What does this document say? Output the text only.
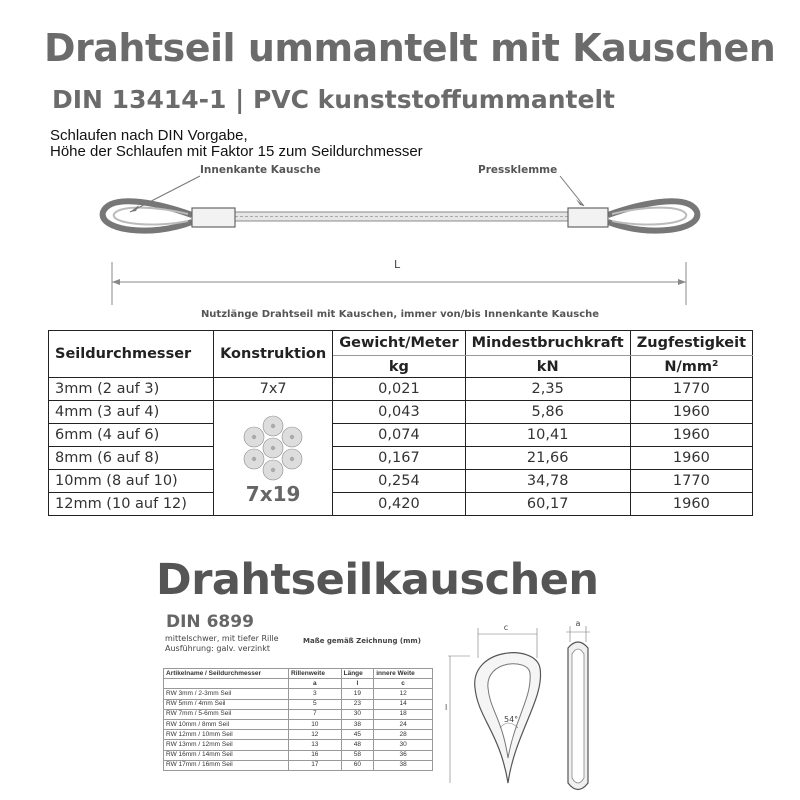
Drahtseil ummantelt mit Kauschen
DIN 13414-1 | PVC kunststoffummantelt
Schlaufen nach DIN Vorgabe,
Höhe der Schlaufen mit Faktor 15 zum Seildurchmesser
Innenkante Kausche	Pressklemme
L
Nutzlänge Drahtseil mit Kauschen, immer von/bis Innenkante Kausche
Seildurchmesser	Konstruktion	Gewicht/Meter	Mindestbruchkraft	Zugfestigkeit
		kg	kN	N/mm²
3mm (2 auf 3)	7x7	0,021	2,35	1770
4mm (3 auf 4)	7x19	0,043	5,86	1960
6mm (4 auf 6)		0,074	10,41	1960
8mm (6 auf 8)		0,167	21,66	1960
10mm (8 auf 10)		0,254	34,78	1770
12mm (10 auf 12)		0,420	60,17	1960
Drahtseilkauschen
DIN 6899
mittelschwer, mit tiefer Rille
Ausführung: galv. verzinkt
Maße gemäß Zeichnung (mm)
Artikelname / Seildurchmesser	Rillenweite	Länge	innere Weite
	a	l	c
RW 3mm / 2-3mm Seil	3	19	12
RW 5mm / 4mm Seil	5	23	14
RW 7mm / 5-6mm Seil	7	30	18
RW 10mm / 8mm Seil	10	38	24
RW 12mm / 10mm Seil	12	45	28
RW 13mm / 12mm Seil	13	48	30
RW 16mm / 14mm Seil	16	58	36
RW 17mm / 16mm Seil	17	60	38
c
l
54°
a
